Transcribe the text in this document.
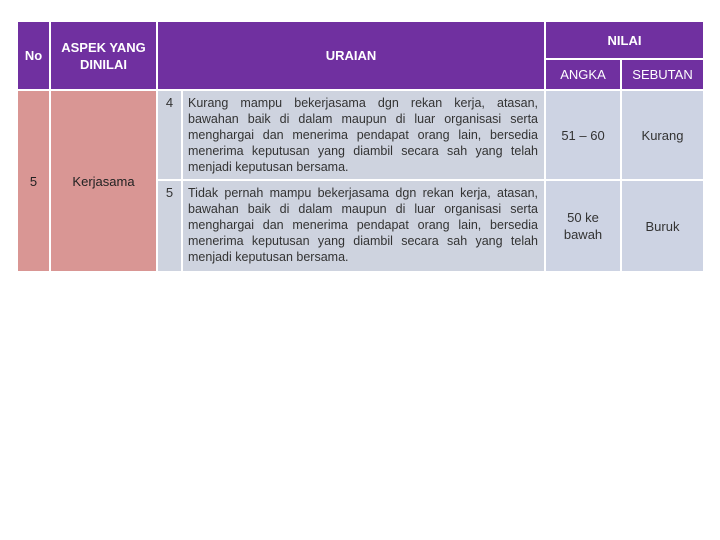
No
ASPEK YANG DINILAI
URAIAN
NILAI
ANGKA SEBUTAN
5	Kerjasama
4 Kurang mampu bekerjasama dgn rekan kerja, atasan, bawahan baik di dalam maupun di luar organisasi serta menghargai dan menerima pendapat orang lain, bersedia menerima keputusan yang diambil secara sah yang telah menjadi keputusan bersama.
51 – 60	Kurang
5 Tidak pernah mampu bekerjasama dgn rekan kerja, atasan, bawahan baik di dalam maupun di luar organisasi serta menghargai dan menerima pendapat orang lain, bersedia menerima keputusan yang diambil secara sah yang telah menjadi keputusan bersama.
50 ke bawah
Buruk
